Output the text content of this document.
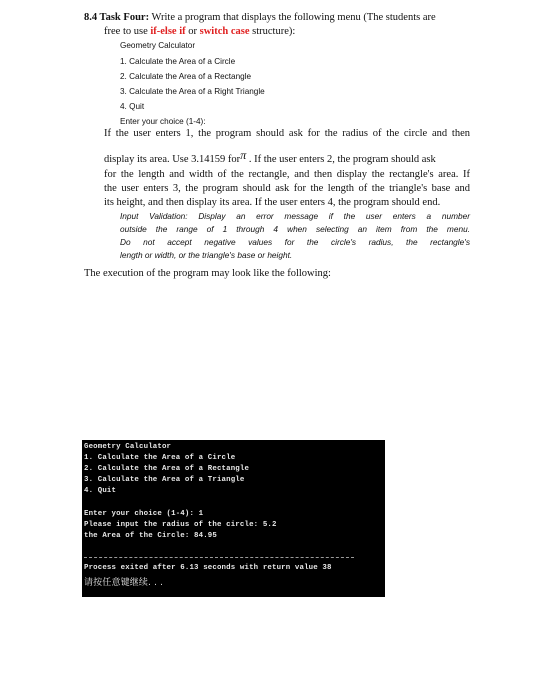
8.4 Task Four: Write a program that displays the following menu (The students are
free to use if-else if or switch case structure):
Geometry Calculator
1. Calculate the Area of a Circle
2. Calculate the Area of a Rectangle
3. Calculate the Area of a Right Triangle
4. Quit
Enter your choice (1-4):
If the user enters 1, the program should ask for the radius of the circle and then
display its area. Use 3.14159 forπ . If the user enters 2, the program should ask
for the length and width of the rectangle, and then display the rectangle's area. If
the user enters 3, the program should ask for the length of the triangle's base and
its height, and then display its area. If the user enters 4, the program should end.
Input Validation: Display an error message if the user enters a number
outside the range of 1 through 4 when selecting an item from the menu.
Do not accept negative values for the circle's radius, the rectangle's
length or width, or the triangle's base or height.
The execution of the program may look like the following:
Geometry Calculator
1. Calculate the Area of a Circle
2. Calculate the Area of a Rectangle
3. Calculate the Area of a Triangle
4. Quit
Enter your choice (1-4): 1
Please input the radius of the circle: 5.2
the Area of the Circle: 84.95
Process exited after 6.13 seconds with return value 38
请按任意键继续. . .
